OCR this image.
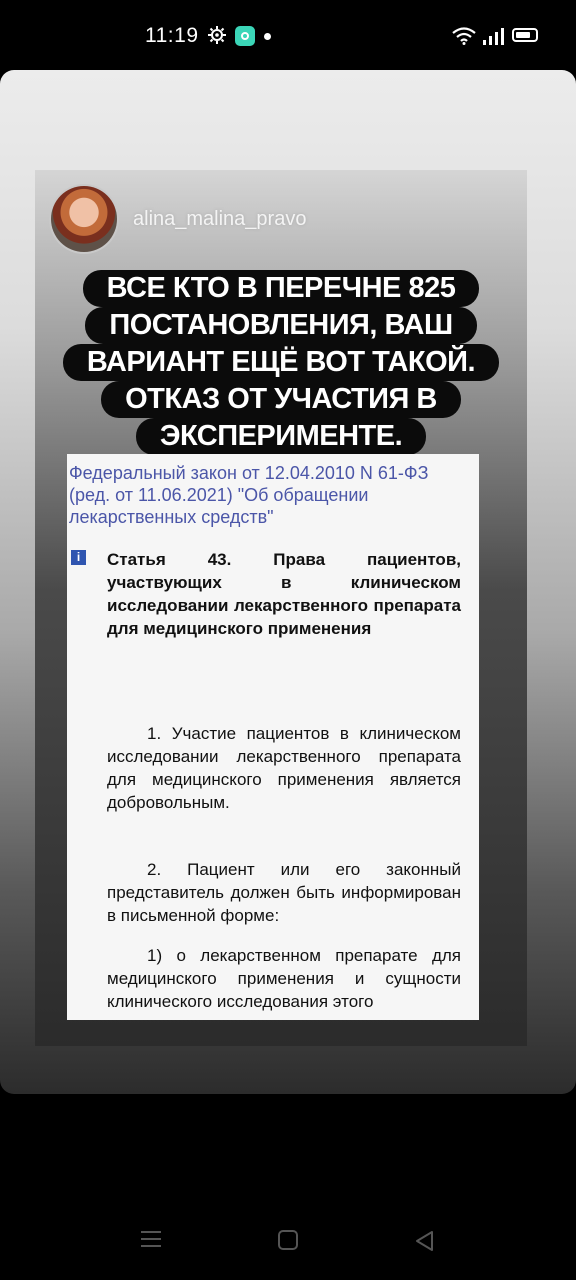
11:19
alina_malina_pravo
ВСЕ КТО В ПЕРЕЧНЕ 825
ПОСТАНОВЛЕНИЯ, ВАШ
ВАРИАНТ ЕЩЁ ВОТ ТАКОЙ.
ОТКАЗ ОТ УЧАСТИЯ В
ЭКСПЕРИМЕНТЕ.
Федеральный закон от 12.04.2010 N 61-ФЗ (ред. от 11.06.2021) "Об обращении лекарственных средств"
i	Статья 43. Права пациентов, участвующих в клиническом исследовании лекарственного препарата для медицинского применения
1. Участие пациентов в клиническом исследовании лекарственного препарата для медицинского применения является добровольным.
2. Пациент или его законный представитель должен быть информирован в письменной форме:
1) о лекарственном препарате для медицинского применения и сущности клинического исследования этого
